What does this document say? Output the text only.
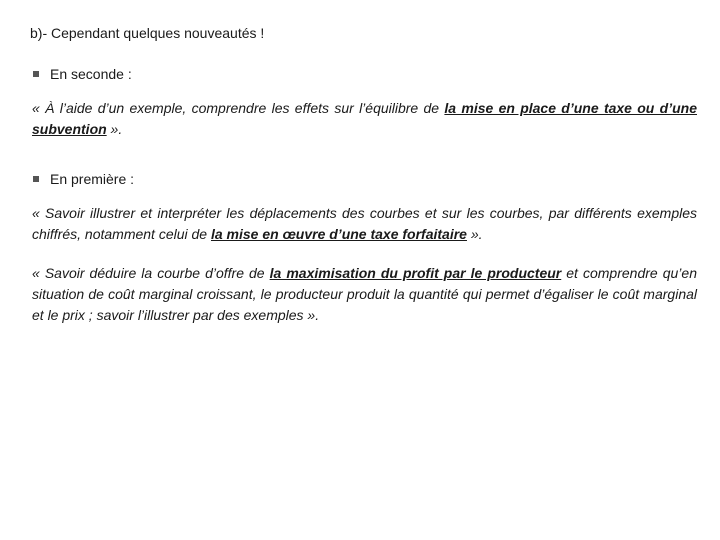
b)- Cependant quelques nouveautés !
En seconde :
« À l’aide d’un exemple, comprendre les effets sur l’équilibre de la mise en place d’une taxe ou d’une subvention ».
En première :
« Savoir illustrer et interpréter les déplacements des courbes et sur les courbes, par différents exemples chiffrés, notamment celui de la mise en œuvre d’une taxe forfaitaire ».
« Savoir déduire la courbe d’offre de la maximisation du profit par le producteur et comprendre qu’en situation de coût marginal croissant, le producteur produit la quantité qui permet d’égaliser le coût marginal et le prix ; savoir l’illustrer par des exemples ».
